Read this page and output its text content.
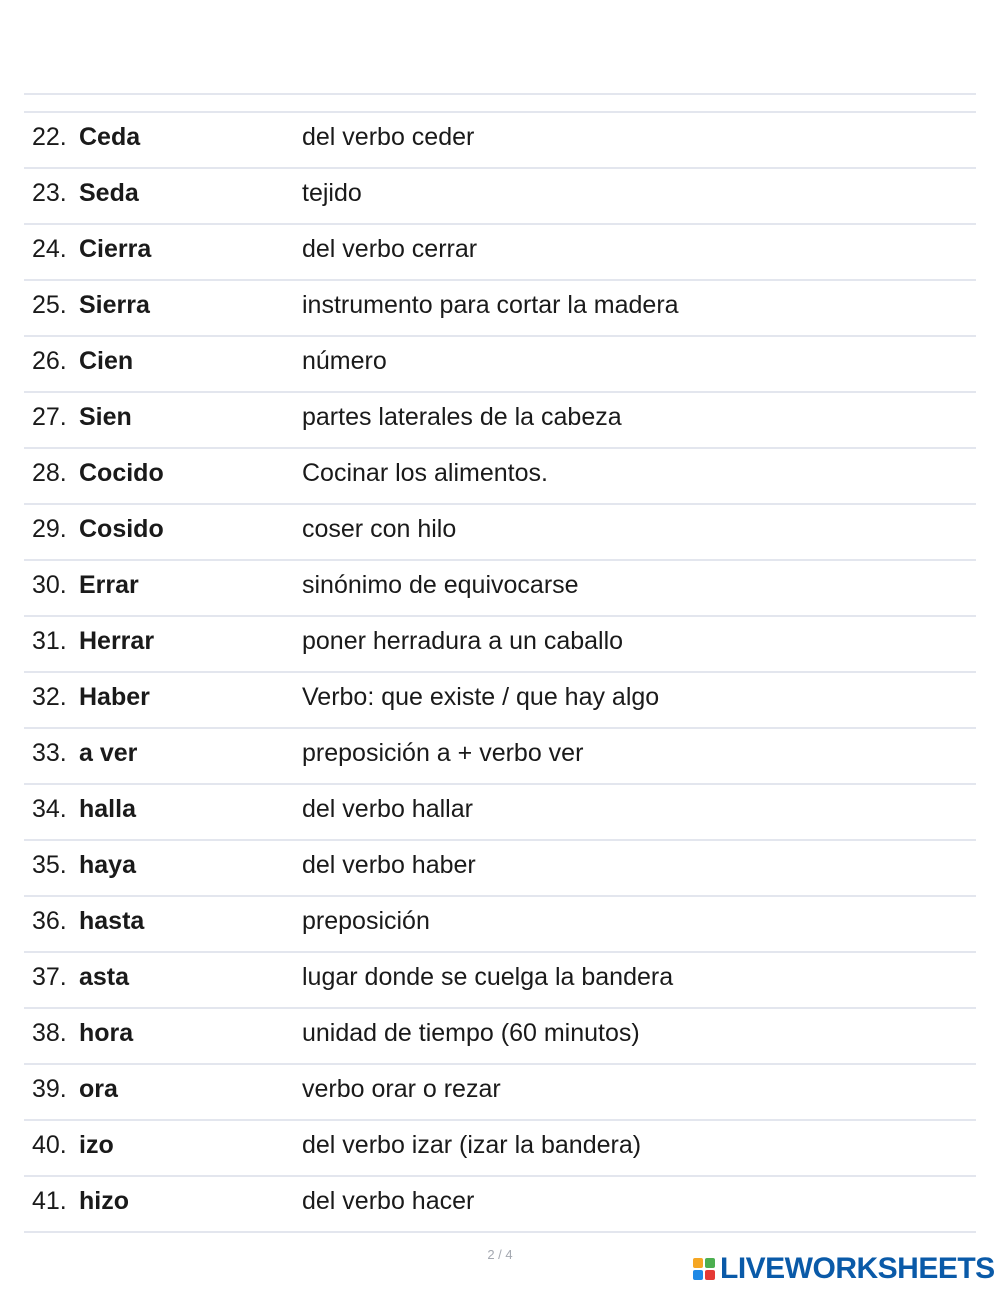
22. Ceda	del verbo ceder
23. Seda	tejido
24. Cierra	del verbo cerrar
25. Sierra	instrumento para cortar la madera
26. Cien	número
27. Sien	partes laterales de la cabeza
28. Cocido	Cocinar los alimentos.
29. Cosido	coser con hilo
30. Errar	sinónimo de equivocarse
31. Herrar	poner herradura a un caballo
32. Haber	Verbo: que existe / que hay algo
33. a ver	preposición a + verbo ver
34. halla	del verbo hallar
35. haya	del verbo haber
36. hasta	preposición
37. asta	lugar donde se cuelga la bandera
38. hora	unidad de tiempo (60 minutos)
39. ora	verbo orar o rezar
40. izo	del verbo izar (izar la bandera)
41. hizo	del verbo hacer
2 / 4	LIVEWORKSHEETS
